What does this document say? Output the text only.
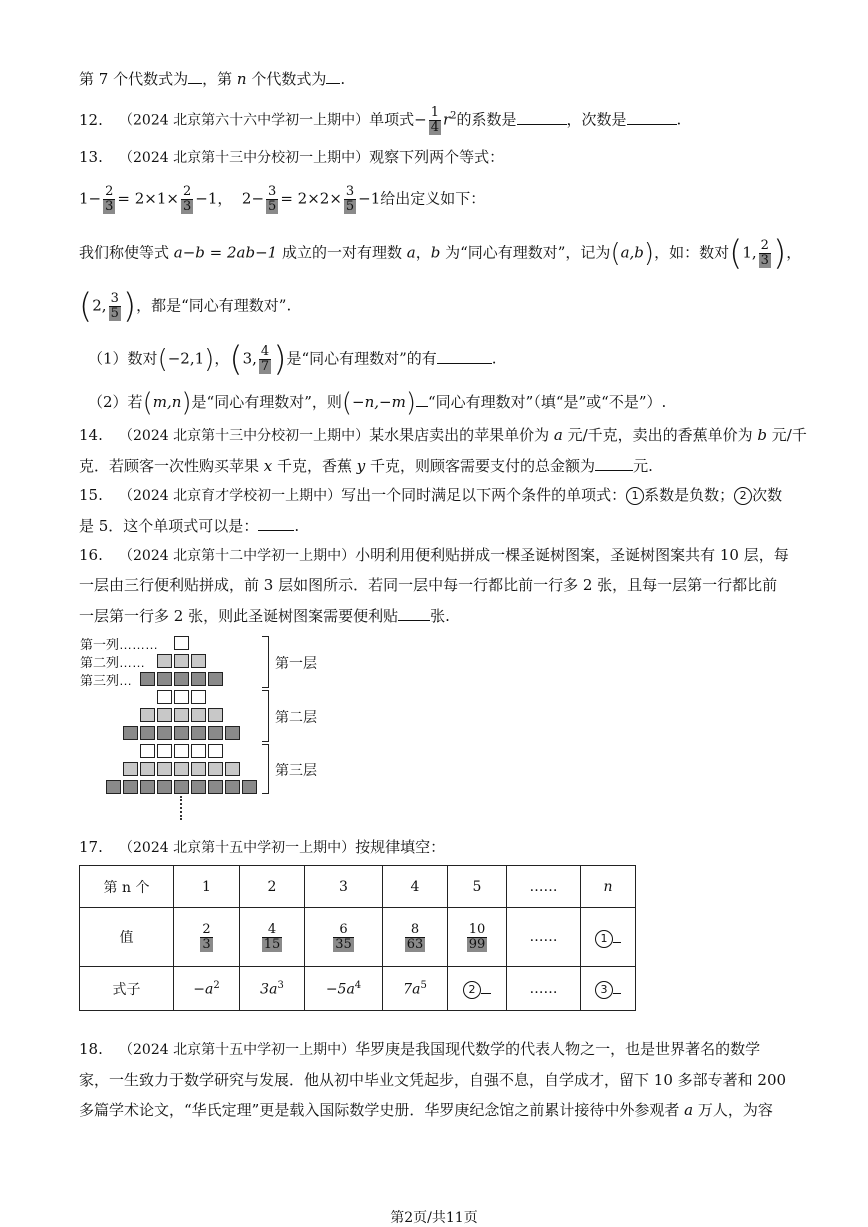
第 7 个代数式为 ，第 n 个代数式为 .
12. （2024 北京第六十六中学初一上期中）单项式− $\frac{1}{4} r^2$的系数是	，次数是	.
13. （2024 北京第十三中分校初一上期中）观察下列两个等式：
$1- \frac{2}{3} = 2\times 1\times \frac{2}{3} -1$， $2- \frac{3}{5} = 2\times 2\times \frac{3}{5} -1$给出定义如下：
我们称使等式 a−b = 2ab−1 成立的一对有理数 a，b 为“同心有理数对”，记为(a,b)，如：数对(1, $\frac{2}{3}$ )，
(2, $\frac{3}{5}$ )，都是“同心有理数对”.
（1）数对(−2,1)，(3, $\frac{4}{7}$ )是“同心有理数对”的有	.
（2）若(m,n)是“同心有理数对”，则(−n,−m) “同心有理数对”（填“是”或“不是”）.
14. （2024 北京第十三中分校初一上期中）某水果店卖出的苹果单价为 a 元/千克，卖出的香蕉单价为 b 元/千
克．若顾客一次性购买苹果 x 千克，香蕉 y 千克，则顾客需要支付的总金额为	元.
15. （2024 北京育才学校初一上期中）写出一个同时满足以下两个条件的单项式： 1 系数是负数； 2 次数
是 5．这个单项式可以是： .
16. （2024 北京第十二中学初一上期中）小明利用便利贴拼成一棵圣诞树图案，圣诞树图案共有 10 层，每
一层由三行便利贴拼成，前 3 层如图所示．若同一层中每一行都比前一行多 2 张，且每一层第一行都比前
一层第一行多 2 张，则此圣诞树图案需要便利贴 张.
第一列………
第二列……
第三列…
第一层
第二层
第三层
17. （2024 北京第十五中学初一上期中）按规律填空：
第 n 个	1	2	3	4	5	……	n
值	$\frac{2}{3}$	$\frac{4}{15}$	$\frac{6}{35}$	$\frac{8}{63}$	$\frac{10}{99}$	……	1
式子	$-a^2$	$3a^3$	$-5a^4$	$7a^5$	2	……	3
18. （2024 北京第十五中学初一上期中）华罗庚是我国现代数学的代表人物之一，也是世界著名的数学
家，一生致力于数学研究与发展．他从初中毕业文凭起步，自强不息，自学成才，留下 10 多部专著和 200
多篇学术论文，“华氏定理”更是载入国际数学史册．华罗庚纪念馆之前累计接待中外参观者 a 万人，为容
第2页/共11页
